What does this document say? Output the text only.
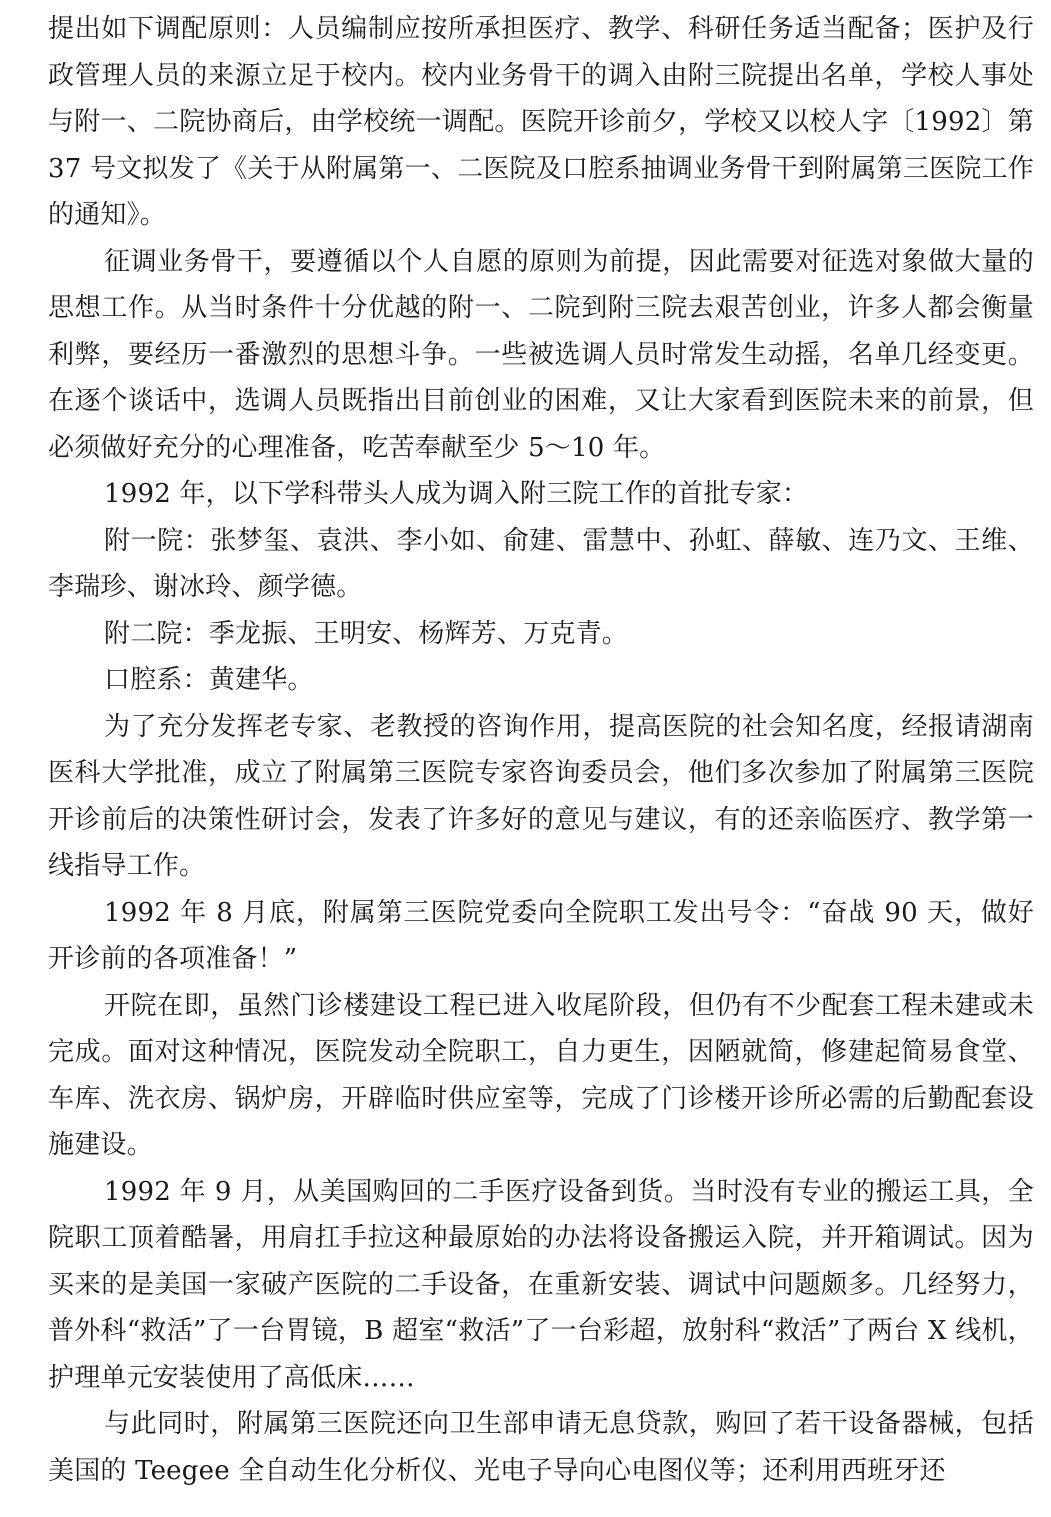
提出如下调配原则：人员编制应按所承担医疗、教学、科研任务适当配备；医护及行政管理人员的来源立足于校内。校内业务骨干的调入由附三院提出名单，学校人事处与附一、二院协商后，由学校统一调配。医院开诊前夕，学校又以校人字〔1992〕第 37 号文拟发了《关于从附属第一、二医院及口腔系抽调业务骨干到附属第三医院工作的通知》。

征调业务骨干，要遵循以个人自愿的原则为前提，因此需要对征选对象做大量的思想工作。从当时条件十分优越的附一、二院到附三院去艰苦创业，许多人都会衡量利弊，要经历一番激烈的思想斗争。一些被选调人员时常发生动摇，名单几经变更。在逐个谈话中，选调人员既指出目前创业的困难，又让大家看到医院未来的前景，但必须做好充分的心理准备，吃苦奉献至少 5～10 年。

1992 年，以下学科带头人成为调入附三院工作的首批专家：

附一院：张梦玺、袁洪、李小如、俞建、雷慧中、孙虹、薛敏、连乃文、王维、李瑞珍、谢冰玲、颜学德。

附二院：季龙振、王明安、杨辉芳、万克青。

口腔系：黄建华。

为了充分发挥老专家、老教授的咨询作用，提高医院的社会知名度，经报请湖南医科大学批准，成立了附属第三医院专家咨询委员会，他们多次参加了附属第三医院开诊前后的决策性研讨会，发表了许多好的意见与建议，有的还亲临医疗、教学第一线指导工作。

1992 年 8 月底，附属第三医院党委向全院职工发出号令：“奋战 90 天，做好开诊前的各项准备！”

开院在即，虽然门诊楼建设工程已进入收尾阶段，但仍有不少配套工程未建或未完成。面对这种情况，医院发动全院职工，自力更生，因陋就简，修建起简易食堂、车库、洗衣房、锅炉房，开辟临时供应室等，完成了门诊楼开诊所必需的后勤配套设施建设。

1992 年 9 月，从美国购回的二手医疗设备到货。当时没有专业的搬运工具，全院职工顶着酷暑，用肩扛手拉这种最原始的办法将设备搬运入院，并开箱调试。因为买来的是美国一家破产医院的二手设备，在重新安装、调试中问题颇多。几经努力，普外科“救活”了一台胃镜，B 超室“救活”了一台彩超，放射科“救活”了两台 X 线机，护理单元安装使用了高低床……

与此同时，附属第三医院还向卫生部申请无息贷款，购回了若干设备器械，包括美国的 Teegee 全自动生化分析仪、光电子导向心电图仪等；还利用西班牙还
